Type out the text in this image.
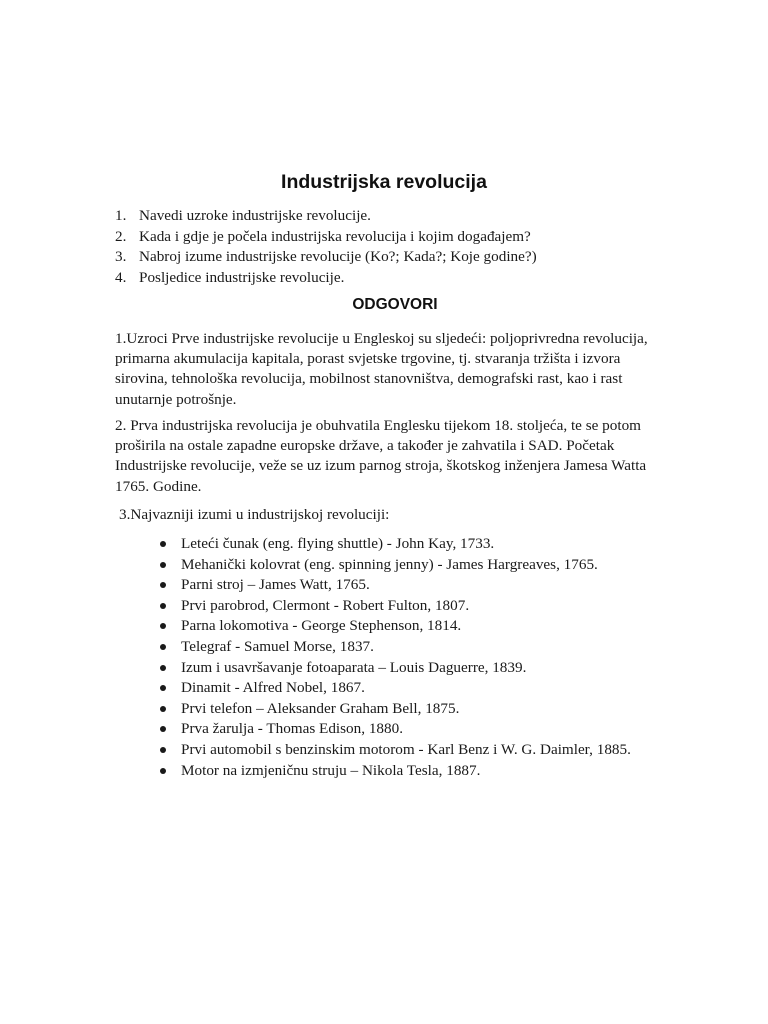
Industrijska revolucija
1. Navedi uzroke industrijske revolucije.
2. Kada i gdje je počela industrijska revolucija i kojim događajem?
3. Nabroj izume industrijske revolucije (Ko?; Kada?; Koje godine?)
4. Posljedice industrijske revolucije.
ODGOVORI

1.Uzroci Prve industrijske revolucije u Engleskoj su sljedeći: poljoprivredna revolucija, primarna akumulacija kapitala, porast svjetske trgovine, tj. stvaranja tržišta i izvora sirovina, tehnološka revolucija, mobilnost stanovništva, demografski rast, kao i rast unutarnje potrošnje.

2. Prva industrijska revolucija je obuhvatila Englesku tijekom 18. stoljeća, te se potom proširila na ostale zapadne europske države, a također je zahvatila i SAD. Početak Industrijske revolucije, veže se uz izum parnog stroja, škotskog inženjera Jamesa Watta 1765. Godine.

3.Najvazniji izumi u industrijskoj revoluciji:

Leteći čunak (eng. flying shuttle) - John Kay, 1733.
Mehanički kolovrat (eng. spinning jenny) - James Hargreaves, 1765.
Parni stroj – James Watt, 1765.
Prvi parobrod, Clermont - Robert Fulton, 1807.
Parna lokomotiva - George Stephenson, 1814.
Telegraf - Samuel Morse, 1837.
Izum i usavršavanje fotoaparata – Louis Daguerre, 1839.
Dinamit - Alfred Nobel, 1867.
Prvi telefon – Aleksander Graham Bell, 1875.
Prva žarulja - Thomas Edison, 1880.
Prvi automobil s benzinskim motorom - Karl Benz i W. G. Daimler, 1885.
Motor na izmjeničnu struju – Nikola Tesla, 1887.
